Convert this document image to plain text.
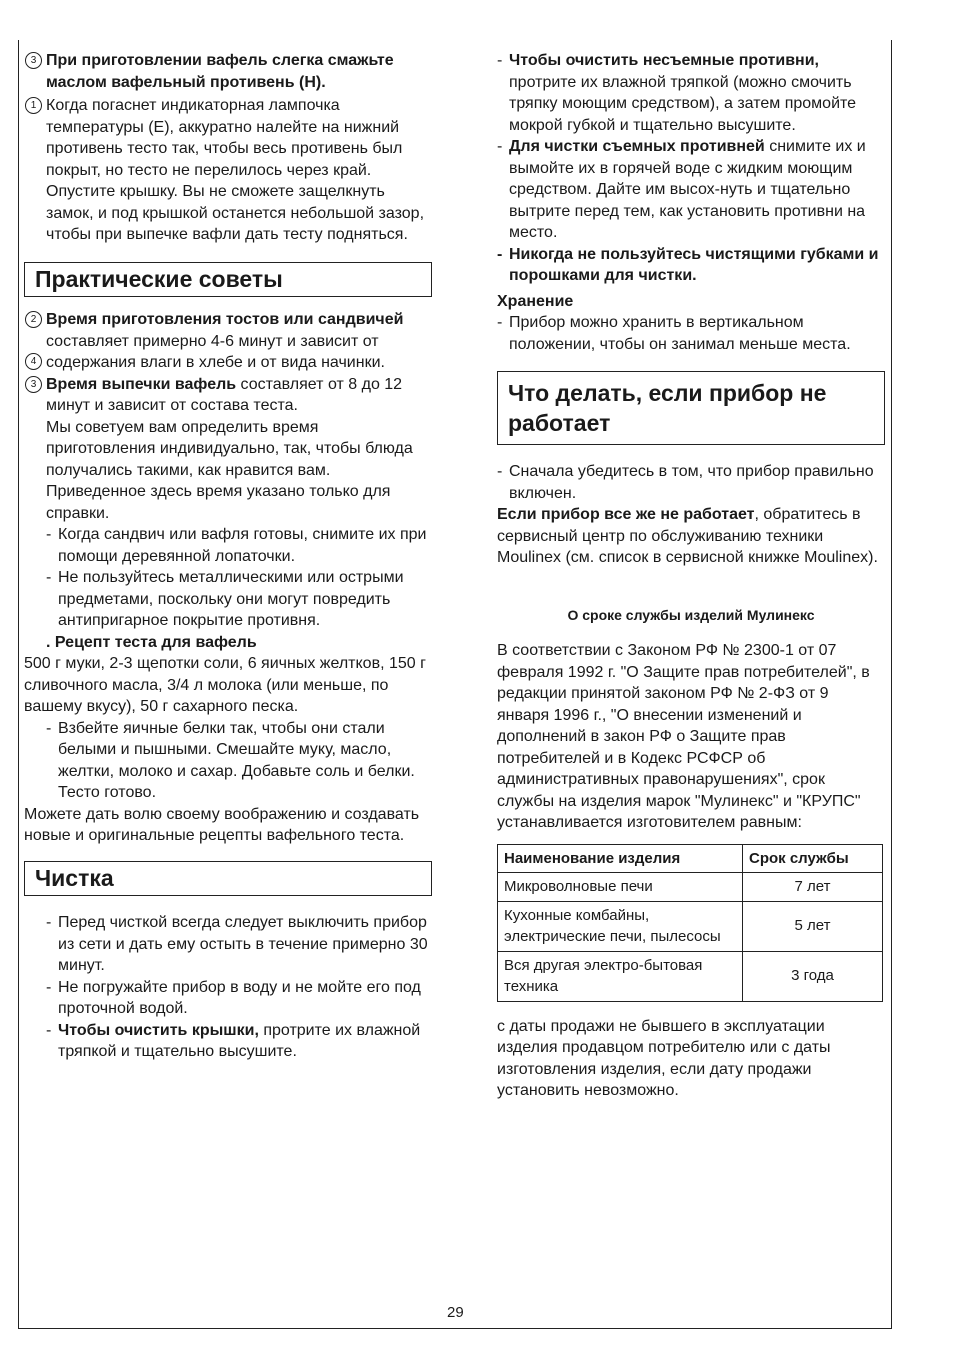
3 При приготовлении вафель слегка смажьте маслом вафельный противень (H).

1 Когда погаснет индикаторная лампочка температуры (E), аккуратно налейте на нижний противень тесто так, чтобы весь противень был покрыт, но тесто не перелилось через край.

Опустите крышку. Вы не сможете защелкнуть замок, и под крышкой останется небольшой зазор, чтобы при выпечке вафли дать тесту подняться.

Практические советы

2
4
Время приготовления тостов или сандвичей составляет примерно 4-6 минут и зависит от содержания влаги в хлебе и от вида начинки.

3 Время выпечки вафель составляет от 8 до 12 минут и зависит от состава теста.

Мы советуем вам определить время приготовления индивидуально, так, чтобы блюда получались такими, как нравится вам. Приведенное здесь время указано только для справки.

- Когда сандвич или вафля готовы, снимите их при помощи деревянной лопаточки.

- Не пользуйтесь металлическими или острыми предметами, поскольку они могут повредить антипригарное покрытие противня.

. Рецепт теста для вафель

500 г муки, 2-3 щепотки соли, 6 яичных желтков, 150 г сливочного масла, 3/4 л молока (или меньше, по вашему вкусу), 50 г сахарного песка.

- Взбейте яичные белки так, чтобы они стали белыми и пышными. Смешайте муку, масло, желтки, молоко и сахар. Добавьте соль и белки. Тесто готово.

Можете дать волю своему воображению и создавать новые и оригинальные рецепты вафельного теста.

Чистка

- Перед чисткой всегда следует выключить прибор из сети и дать ему остыть в течение примерно 30 минут.

- Не погружайте прибор в воду и не мойте его под проточной водой.

- Чтобы очистить крышки, протрите их влажной тряпкой и тщательно высушите.

- Чтобы очистить несъемные противни, протрите их влажной тряпкой (можно смочить тряпку моющим средством), а затем промойте мокрой губкой и тщательно высушите.

- Для чистки съемных противней снимите их и вымойте их в горячей воде с жидким моющим средством. Дайте им высох-нуть и тщательно вытрите перед тем, как установить противни на место.

- Никогда не пользуйтесь чистящими губками и порошками для чистки.

Хранение

- Прибор можно хранить в вертикальном положении, чтобы он занимал меньше места.

Что делать, если прибор не работает

- Сначала убедитесь в том, что прибор правильно включен.

Если прибор все же не работает, обратитесь в сервисный центр по обслуживанию техники Moulinex (см. список в сервисной книжке Moulinex).

О сроке службы изделий Мулинекс

В соответствии с Законом РФ № 2300-1 от 07 февраля 1992 г. "О Защите прав потребителей", в редакции принятой законом РФ № 2-ФЗ от 9 января 1996 г., "О внесении изменений и дополнений в закон РФ о Защите прав потребителей и в Кодекс РСФСР об административных правонарушениях", срок службы на изделия марок "Мулинекс" и "КРУПС" устанавливается изготовителем равным:

Наименование изделия	Срок службы
Микроволновые печи	7 лет
Кухонные комбайны, электрические печи, пылесосы	5 лет
Вся другая электро-бытовая техника	3 года

с даты продажи не бывшего в эксплуатации изделия продавцом потребителю или с даты изготовления изделия, если дату продажи установить невозможно.

29
